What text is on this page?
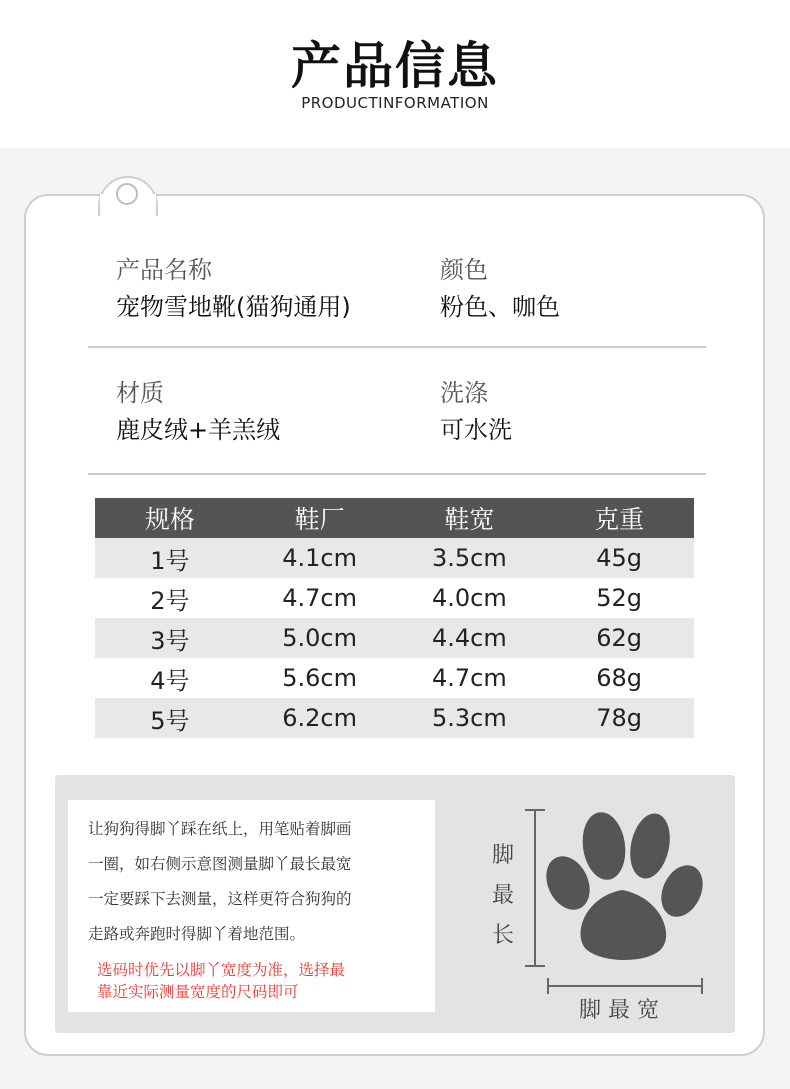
产品信息
PRODUCTINFORMATION
产品名称
宠物雪地靴(猫狗通用)
颜色
粉色、咖色
材质
鹿皮绒+羊羔绒
洗涤
可水洗
规格	鞋厂	鞋宽	克重
1号	4.1cm	3.5cm	45g
2号	4.7cm	4.0cm	52g
3号	5.0cm	4.4cm	62g
4号	5.6cm	4.7cm	68g
5号	6.2cm	5.3cm	78g
让狗狗得脚丫踩在纸上，用笔贴着脚画
一圈，如右侧示意图测量脚丫最长最宽
一定要踩下去测量，这样更符合狗狗的
走路或奔跑时得脚丫着地范围。
选码时优先以脚丫宽度为准，选择最
靠近实际测量宽度的尺码即可
脚
最
长
脚 最 宽
